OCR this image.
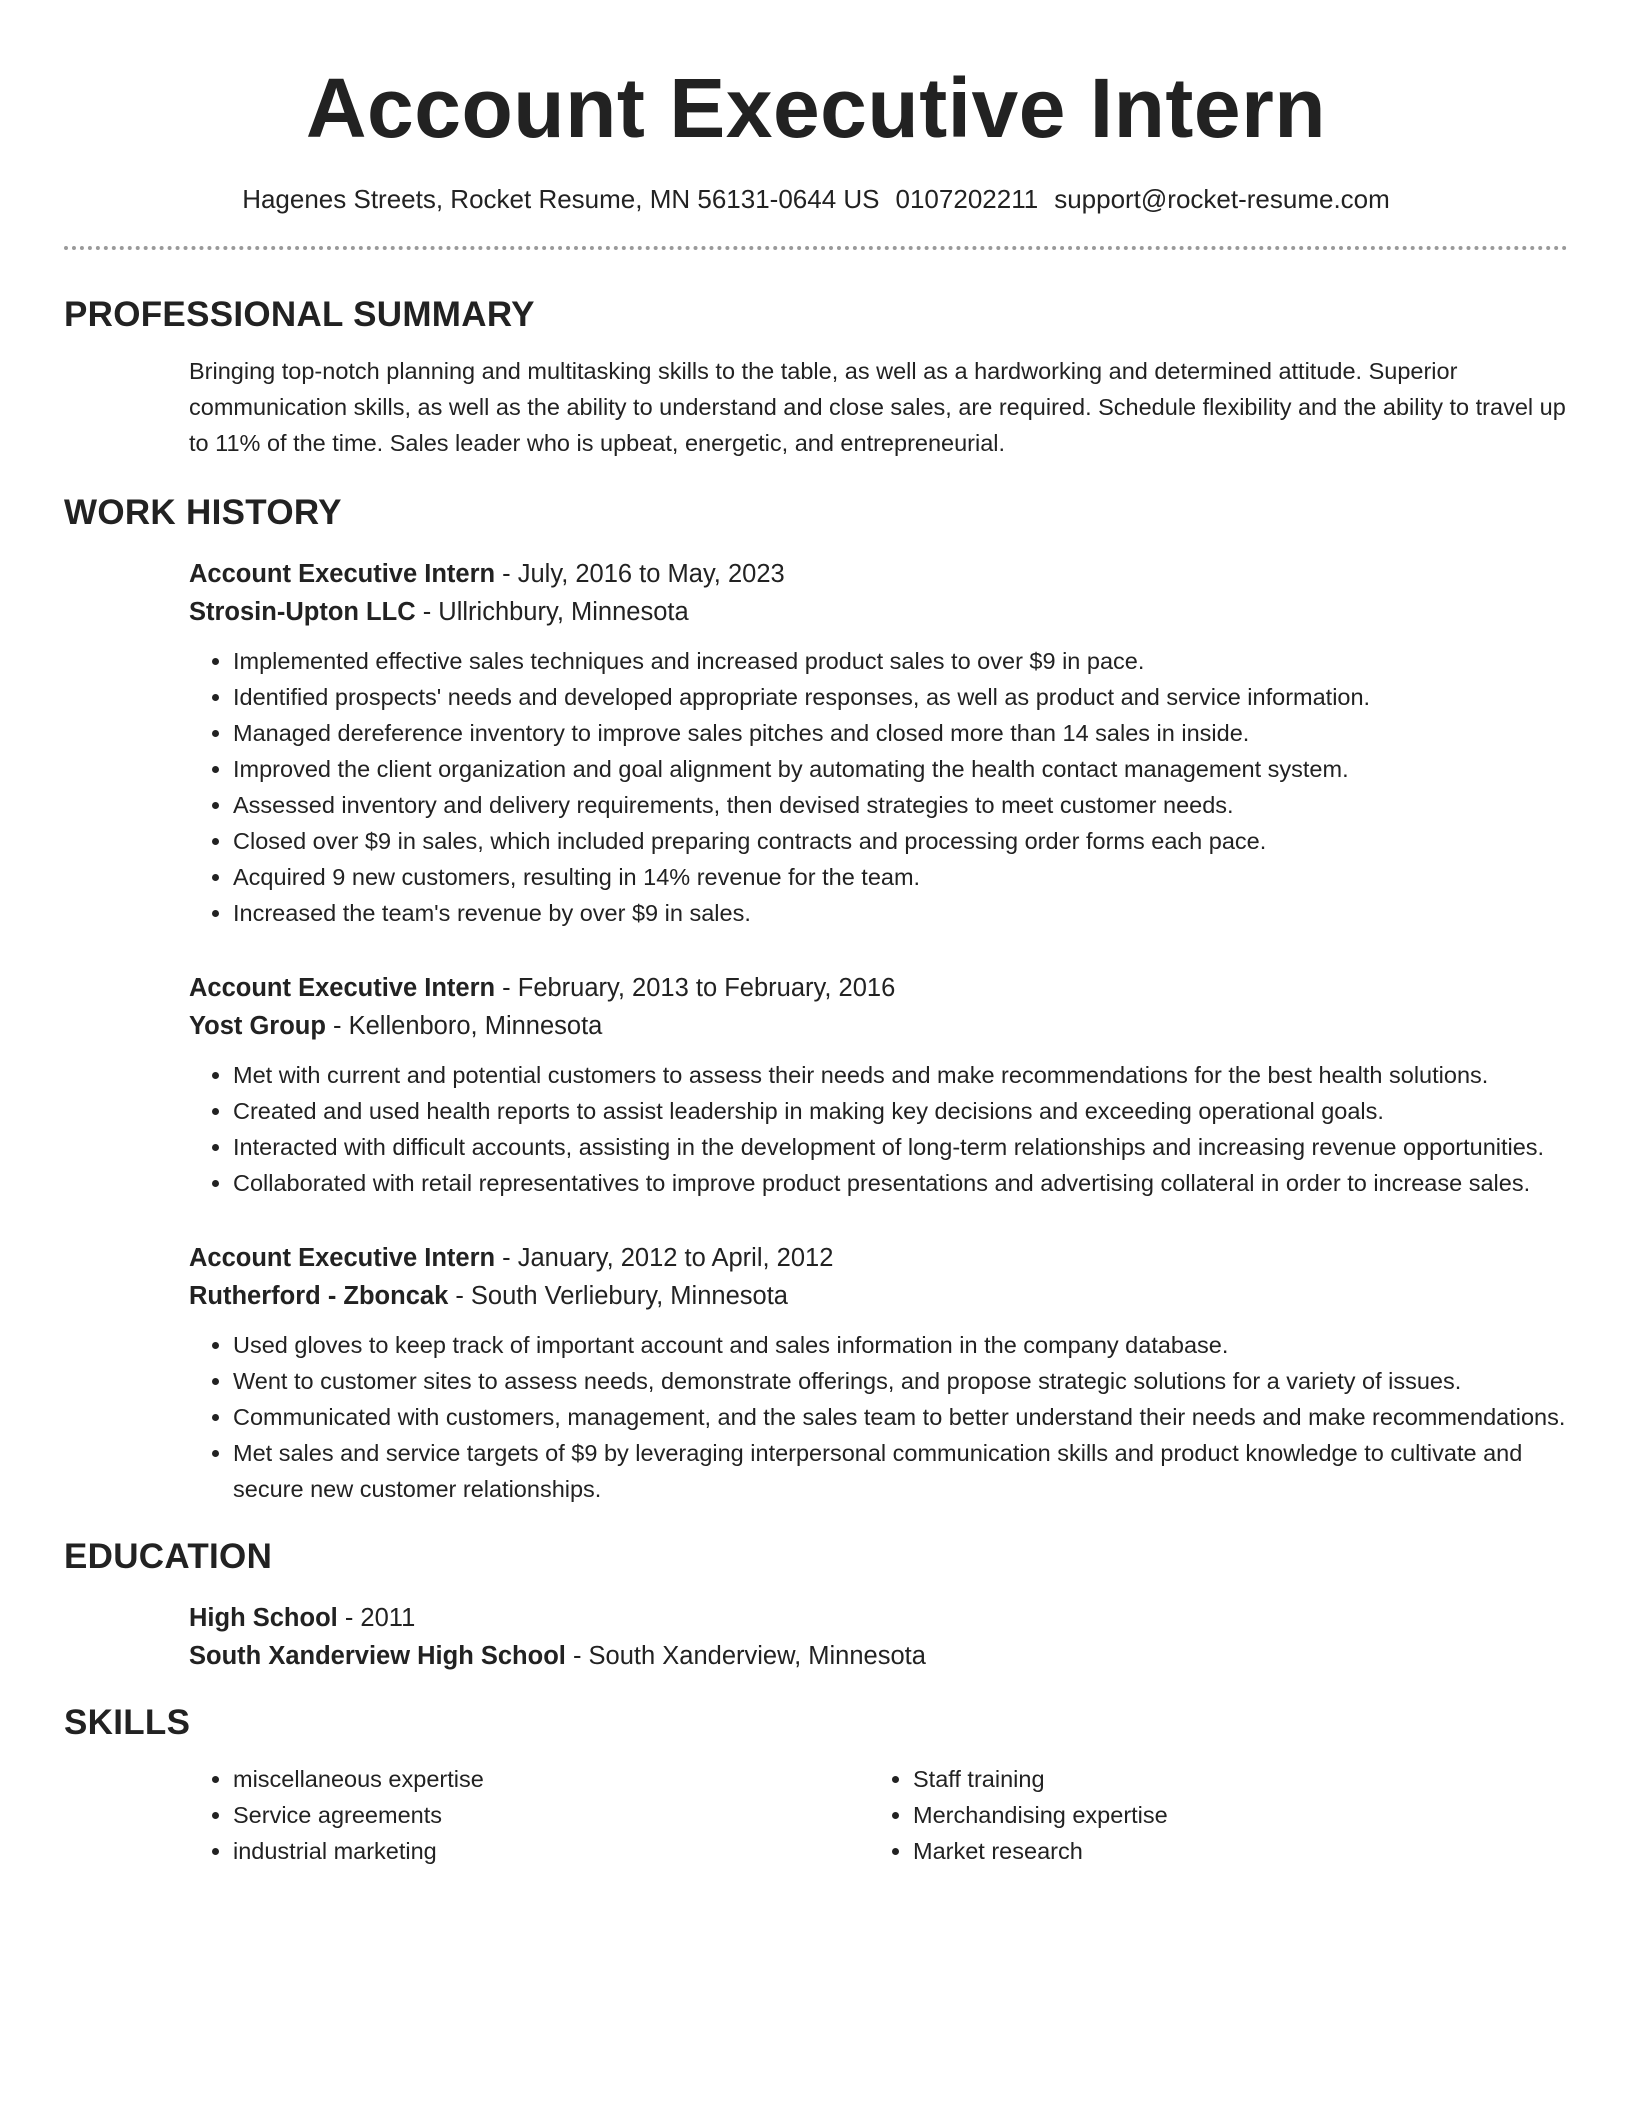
Account Executive Intern
Hagenes Streets, Rocket Resume, MN 56131-0644 US 0107202211 support@rocket-resume.com
PROFESSIONAL SUMMARY

Bringing top-notch planning and multitasking skills to the table, as well as a hardworking and determined attitude. Superior communication skills, as well as the ability to understand and close sales, are required. Schedule flexibility and the ability to travel up to 11% of the time. Sales leader who is upbeat, energetic, and entrepreneurial.

WORK HISTORY
Account Executive Intern - July, 2016 to May, 2023
Strosin-Upton LLC - Ullrichbury, Minnesota
• Implemented effective sales techniques and increased product sales to over $9 in pace.
• Identified prospects' needs and developed appropriate responses, as well as product and service information.
• Managed dereference inventory to improve sales pitches and closed more than 14 sales in inside.
• Improved the client organization and goal alignment by automating the health contact management system.
• Assessed inventory and delivery requirements, then devised strategies to meet customer needs.
• Closed over $9 in sales, which included preparing contracts and processing order forms each pace.
• Acquired 9 new customers, resulting in 14% revenue for the team.
• Increased the team's revenue by over $9 in sales.
Account Executive Intern - February, 2013 to February, 2016
Yost Group - Kellenboro, Minnesota
• Met with current and potential customers to assess their needs and make recommendations for the best health solutions.
• Created and used health reports to assist leadership in making key decisions and exceeding operational goals.
• Interacted with difficult accounts, assisting in the development of long-term relationships and increasing revenue opportunities.
• Collaborated with retail representatives to improve product presentations and advertising collateral in order to increase sales.
Account Executive Intern - January, 2012 to April, 2012
Rutherford - Zboncak - South Verliebury, Minnesota
• Used gloves to keep track of important account and sales information in the company database.
• Went to customer sites to assess needs, demonstrate offerings, and propose strategic solutions for a variety of issues.
• Communicated with customers, management, and the sales team to better understand their needs and make recommendations.
• Met sales and service targets of $9 by leveraging interpersonal communication skills and product knowledge to cultivate and secure new customer relationships.
EDUCATION
High School - 2011
South Xanderview High School - South Xanderview, Minnesota
SKILLS
• miscellaneous expertise
• Service agreements
• industrial marketing
• Staff training
• Merchandising expertise
• Market research
